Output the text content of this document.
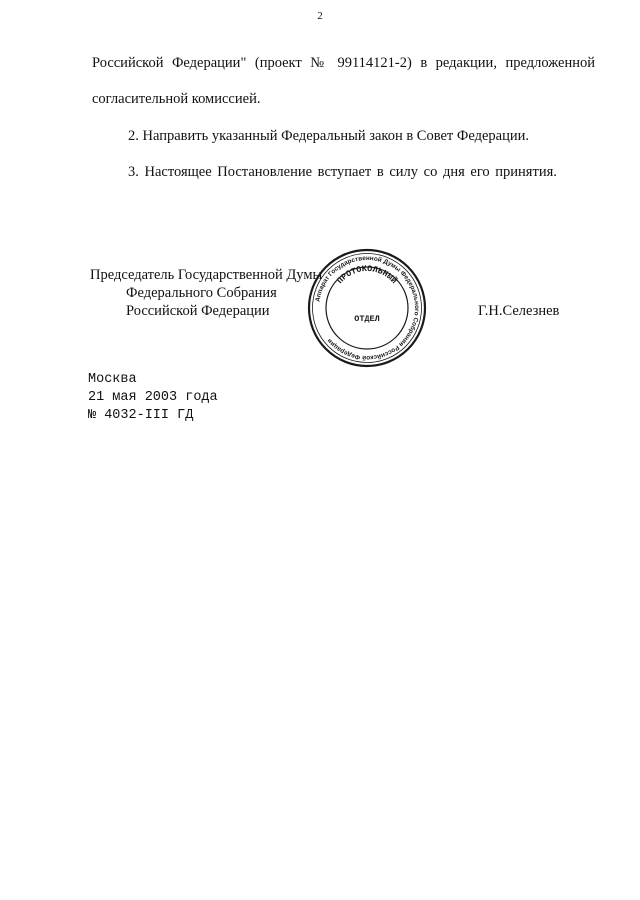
2
Российской Федерации" (проект № 99114121-2) в редакции, предложенной
согласительной комиссией.
2. Направить указанный Федеральный закон в Совет Федерации.
3. Настоящее Постановление вступает в силу со дня его принятия.
Председатель Государственной Думы
Федерального Собрания
Российской Федерации	Г.Н.Селезнев
Аппарат Государственной Думы Федерального Собрания Российской Федерации
ПРОТОКОЛЬНЫЙ
ОТДЕЛ
Москва
21 мая 2003 года
№ 4032-III ГД
